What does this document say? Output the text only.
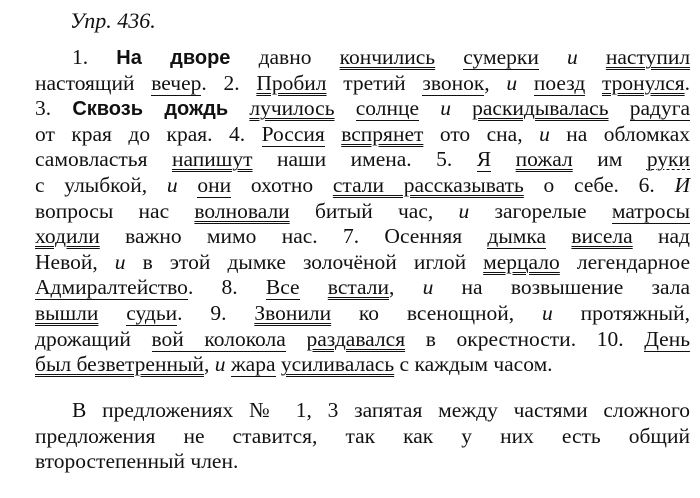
Упр. 436.
1. На дворе давно кончились сумерки и наступил
настоящий вечер. 2. Пробил третий звонок, и поезд тронулся.
3. Сквозь дождь лучилось солнце и раскидывалась радуга
от края до края. 4. Россия вспрянет ото сна, и на обломках
самовластья напишут наши имена. 5. Я пожал им руки
с улыбкой, и они охотно стали рассказывать о себе. 6. И
вопросы нас волновали битый час, и загорелые матросы
ходили важно мимо нас. 7. Осенняя дымка висела над
Невой, и в этой дымке золочёной иглой мерцало легендарное
Адмиралтейство. 8. Все встали, и на возвышение зала
вышли судьи. 9. Звонили ко всенощной, и протяжный,
дрожащий вой колокола раздавался в окрестности. 10. День
был безветренный, и жара усиливалась с каждым часом.
В предложениях № 1, 3 запятая между частями сложного
предложения не ставится, так как у них есть общий
второстепенный член.
